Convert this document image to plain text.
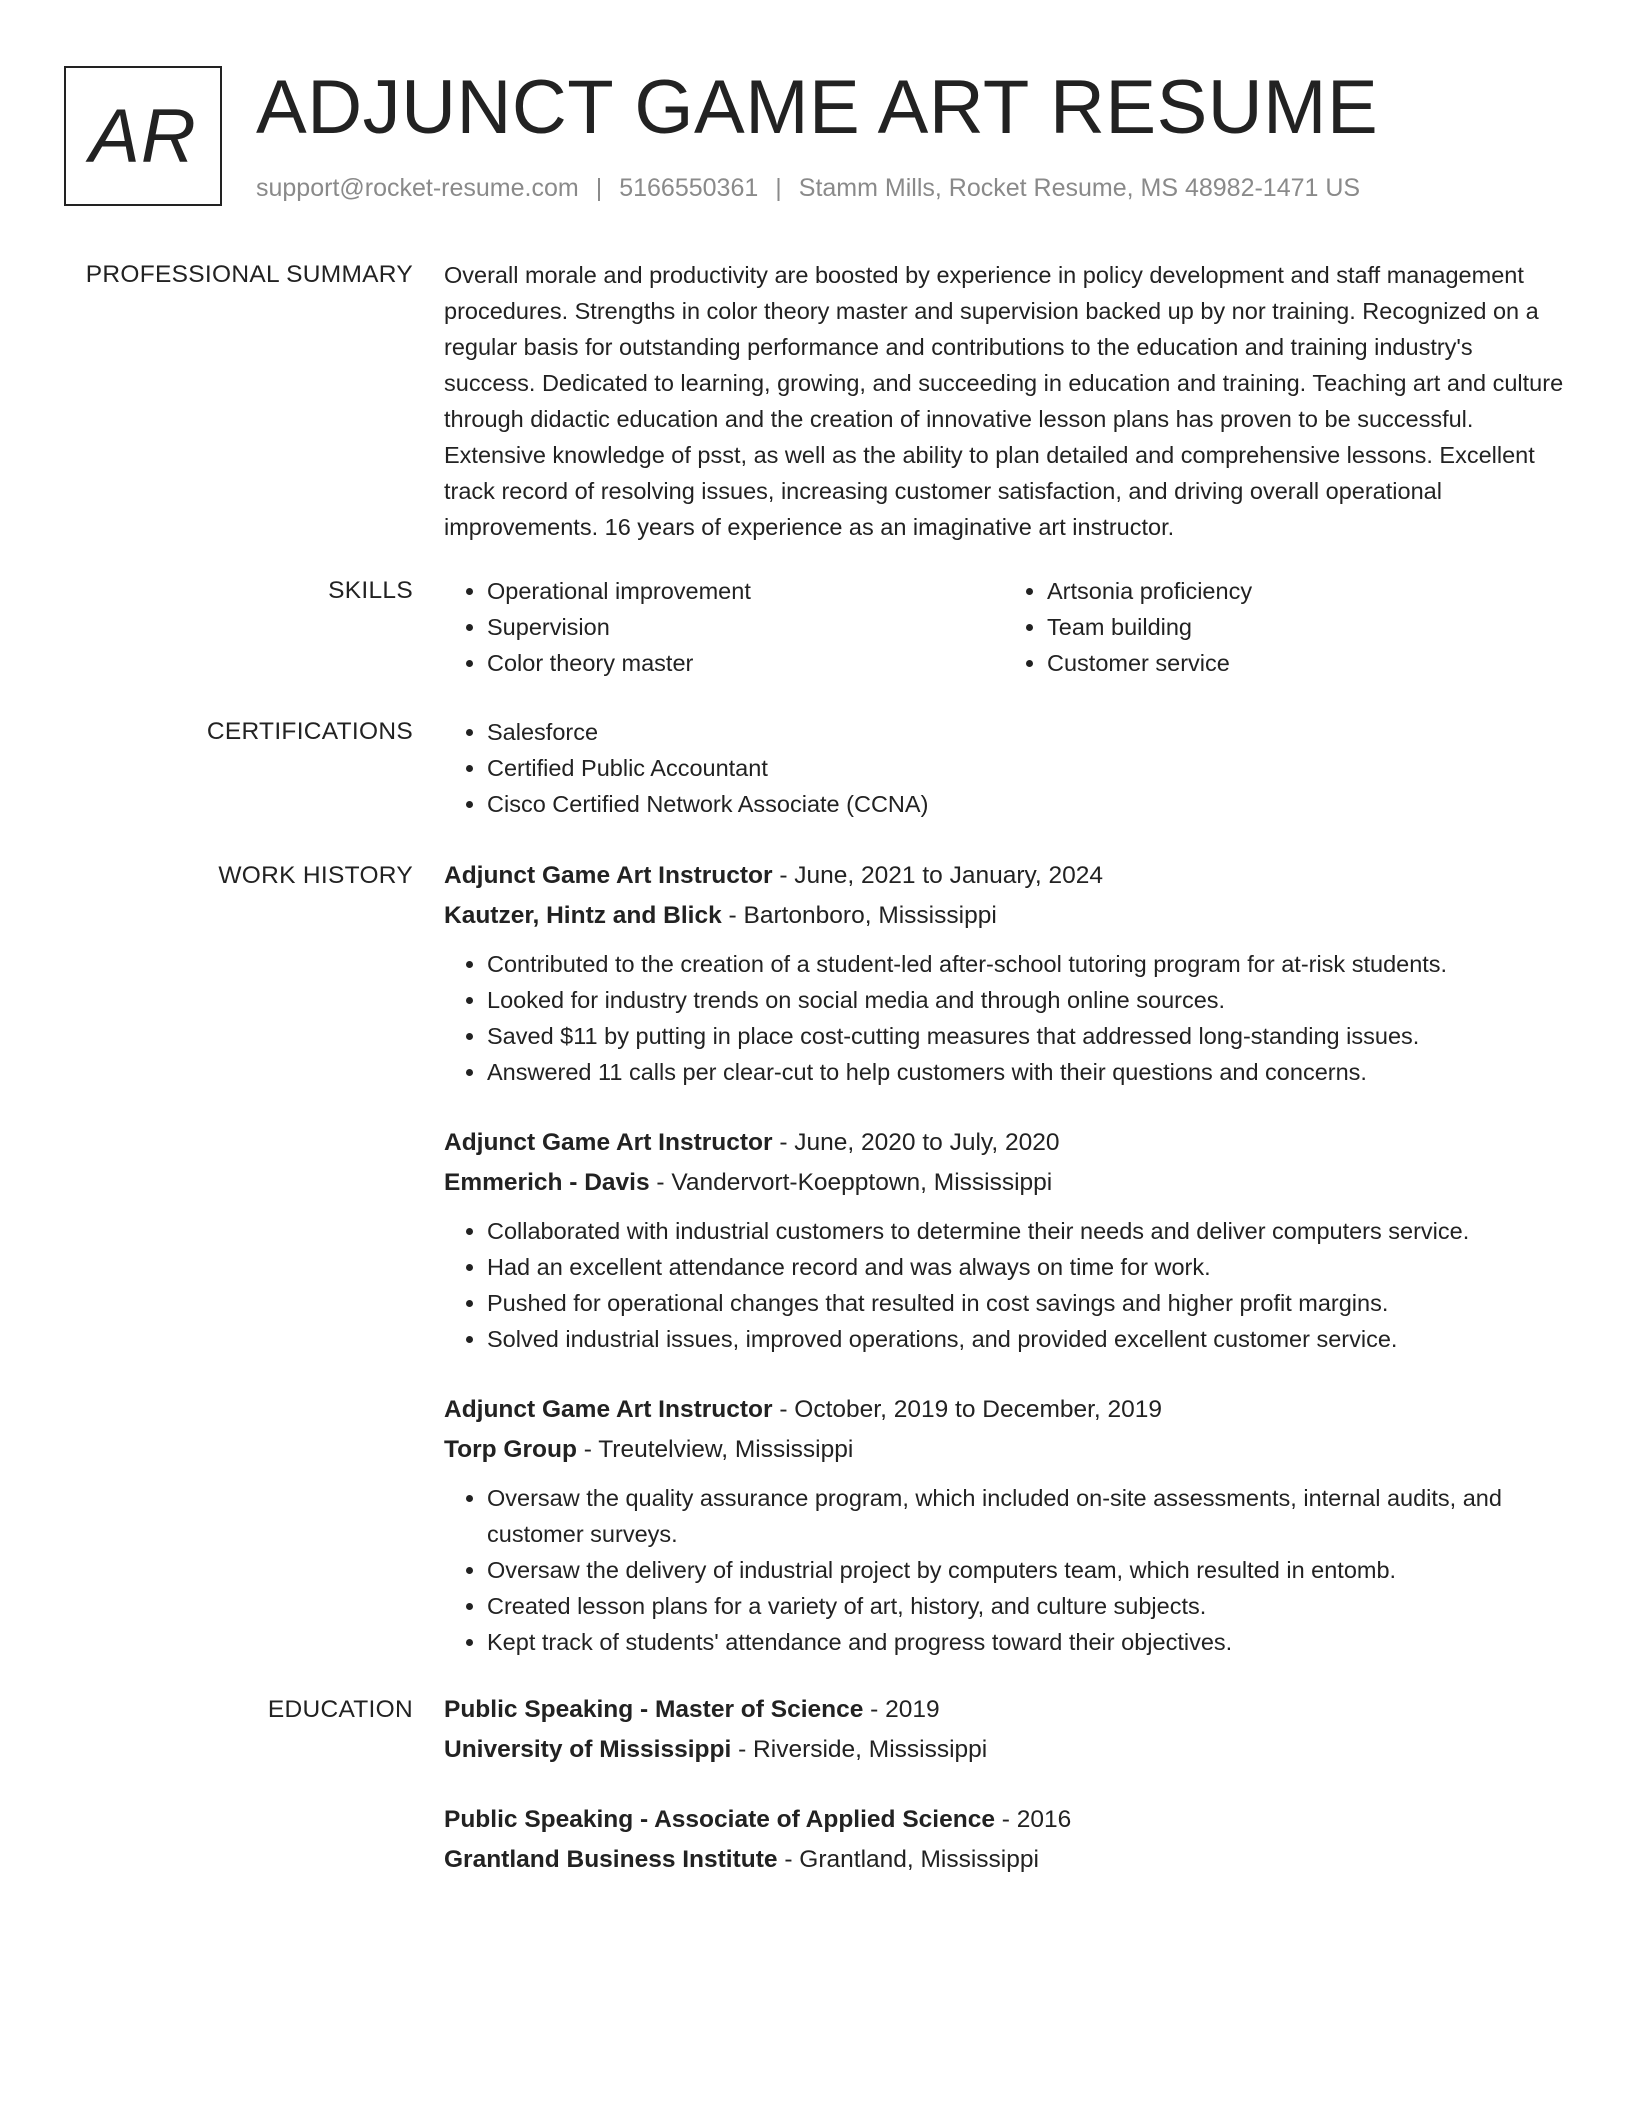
AR ADJUNCT GAME ART RESUME
support@rocket-resume.com | 5166550361 | Stamm Mills, Rocket Resume, MS 48982-1471 US
PROFESSIONAL SUMMARY Overall morale and productivity are boosted by experience in policy development and staff management procedures. Strengths in color theory master and supervision backed up by nor training. Recognized on a regular basis for outstanding performance and contributions to the education and training industry's success. Dedicated to learning, growing, and succeeding in education and training. Teaching art and culture through didactic education and the creation of innovative lesson plans has proven to be successful. Extensive knowledge of psst, as well as the ability to plan detailed and comprehensive lessons. Excellent track record of resolving issues, increasing customer satisfaction, and driving overall operational improvements. 16 years of experience as an imaginative art instructor.

SKILLS	• Operational improvement
• Supervision
• Color theory master
• Artsonia proficiency
• Team building
• Customer service
CERTIFICATIONS	• Salesforce
• Certified Public Accountant
• Cisco Certified Network Associate (CCNA)
WORK HISTORY Adjunct Game Art Instructor - June, 2021 to January, 2024
Kautzer, Hintz and Blick - Bartonboro, Mississippi
• Contributed to the creation of a student-led after-school tutoring program for at-risk students.
• Looked for industry trends on social media and through online sources.
• Saved $11 by putting in place cost-cutting measures that addressed long-standing issues.
• Answered 11 calls per clear-cut to help customers with their questions and concerns.
Adjunct Game Art Instructor - June, 2020 to July, 2020
Emmerich - Davis - Vandervort-Koepptown, Mississippi
• Collaborated with industrial customers to determine their needs and deliver computers service.
• Had an excellent attendance record and was always on time for work.
• Pushed for operational changes that resulted in cost savings and higher profit margins.
• Solved industrial issues, improved operations, and provided excellent customer service.
Adjunct Game Art Instructor - October, 2019 to December, 2019
Torp Group - Treutelview, Mississippi
• Oversaw the quality assurance program, which included on-site assessments, internal audits, and customer surveys.
• Oversaw the delivery of industrial project by computers team, which resulted in entomb.
• Created lesson plans for a variety of art, history, and culture subjects.
• Kept track of students' attendance and progress toward their objectives.
EDUCATION Public Speaking - Master of Science - 2019
University of Mississippi - Riverside, Mississippi
Public Speaking - Associate of Applied Science - 2016
Grantland Business Institute - Grantland, Mississippi
